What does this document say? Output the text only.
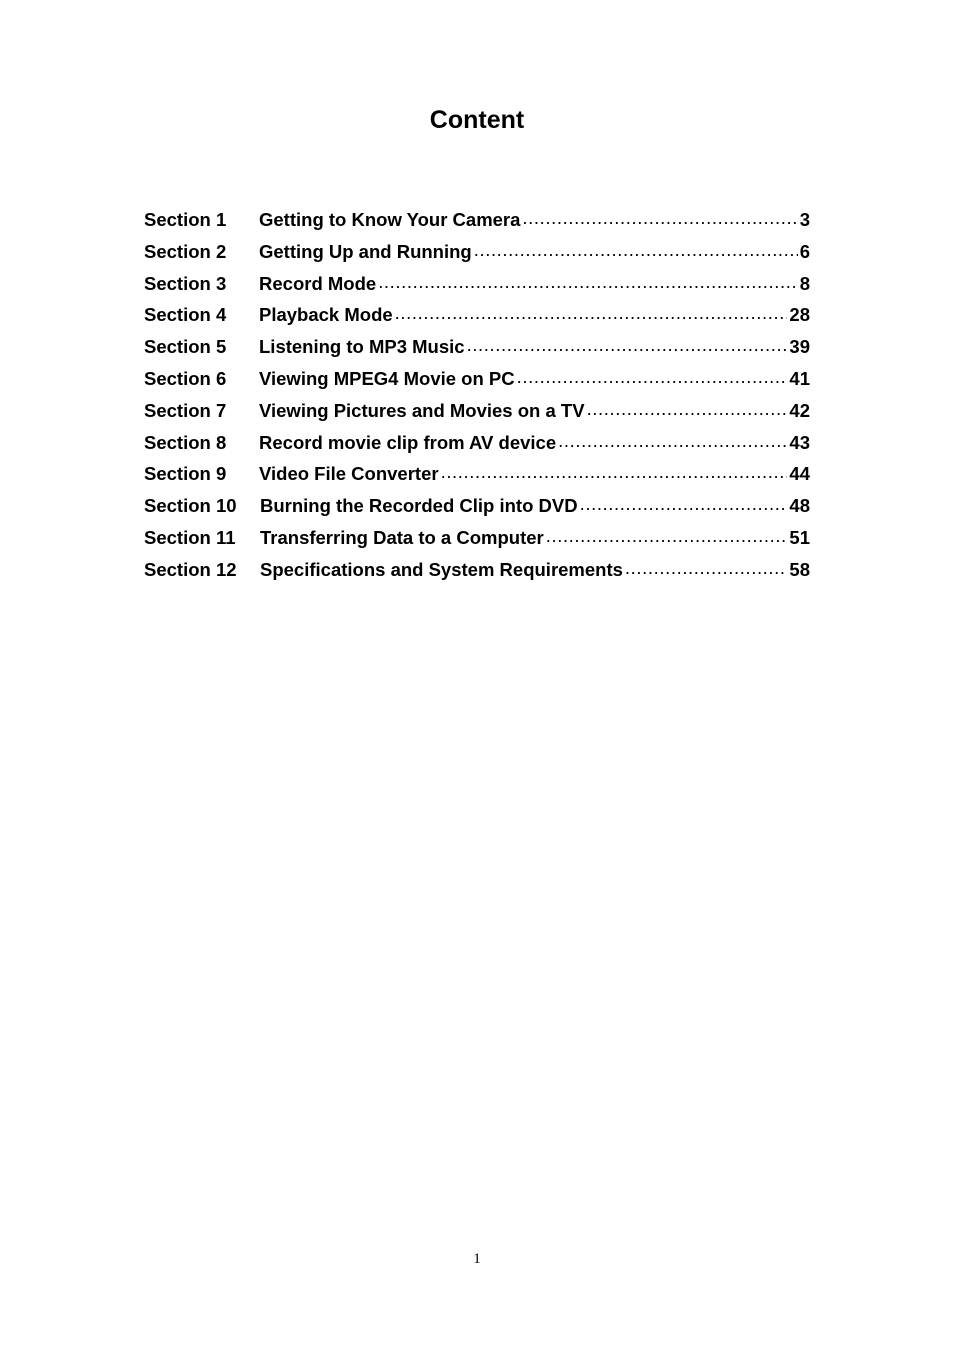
Content
Section 1	Getting to Know Your Camera .....	3
Section 2	Getting Up and Running .....	6
Section 3	Record Mode .....	8
Section 4	Playback Mode .....	28
Section 5	Listening to MP3 Music .....	39
Section 6	Viewing MPEG4 Movie on PC .....	41
Section 7	Viewing Pictures and Movies on a TV .....	42
Section 8	Record movie clip from AV device .....	43
Section 9	Video File Converter .....	44
Section 10	Burning the Recorded Clip into DVD .....	48
Section 11	Transferring Data to a Computer .....	51
Section 12	Specifications and System Requirements .....	58
1
